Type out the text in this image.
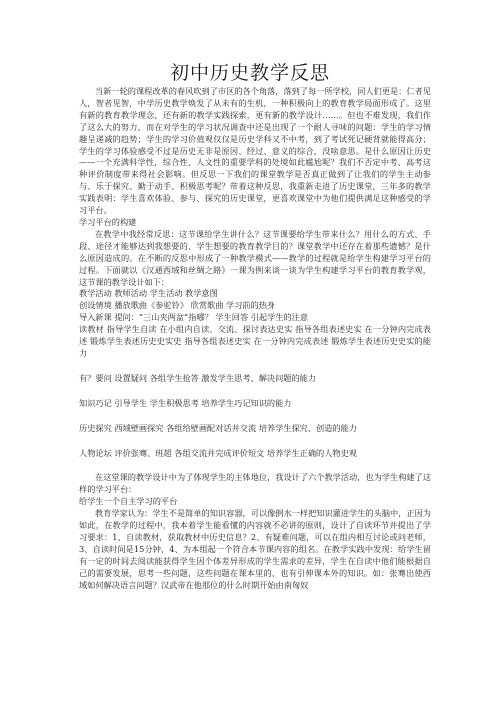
初中历史教学反思

当新一轮的课程改革的春风吹到了市区的各个角落，落到了每一所学校，同人们更是：仁者见人，智者见智，中学历史教学焕发了从未有的生机，一种积极向上的教育教学局面形成了。这里有新的教育教学理念，还有新的教学实践探索，更有新的教学设计……。但也不难发现，我们作了这么大的努力，而在对学生的学习状况调查中还是出现了一个耐人寻味的问题：学生的学习情趣呈递减的趋势；学生的学习价值观仅仅是历史学科又不中考，到了考试死记硬背就能得高分；学生的学习体验感受不过是历史无非是原因、经过、意义的综合，没啥意思。是什么原因让历史——一个充满科学性，综合性、人文性的重要学科的处境如此尴尬呢？我们不否定中考、高考这种评价制度带来得社会影响。但反思一下我们的课堂教学是否真正做到了让我们的学生主动参与、乐于探究、勤于动手、积极思考呢？带着这种反思，我重新走进了历史课堂，三年多的教学实践表明：学生喜欢体验、参与、探究的历史课堂，更喜欢课堂中为他们提供满足这种感受的学习平台。

学习平台的构建

在教学中我经常反思：这节课给学生讲什么？这节课要给学生带来什么？用什么的方式、手段、途径才能够达到我想要的、学生想要的教育教学目的？课堂教学中还存在着那些遗憾？是什么原因造成的。在不断的反思中形成了一种教学模式——教学的过程就是给学生构建学习平台的过程。下面就以《汉通西域和丝绸之路》一课为例来谈一谈为学生构建学习平台的教育教学观，这节课的教学设计如下：

教学活动 教师活动 学生活动 教学意图

创设情境 播放歌曲《参驼铃》 欣赏歌曲 学习前的热身

导入新课 提问：“三山夹两盆”指哪？ 学生回答 引起学生的注意

读教材 指导学生自读 在小组内自读、交流、探讨表达史实 指导各组表述史实 在一分钟内完成表述 锻炼学生表述历史史实史 指导各组表述史实 在一分钟内完成表述 锻炼学生表述历史史实的能力

有？要问 设置疑问 各组学生抢答 激发学生思考、解决问题的能力

知识巧记 引导学生 学生积极思考 培养学生巧记知识的能力

历史探究 西域壁画探究 各组给壁画配对话并交流 培养学生探究、创造的能力

人物论坛 评价张骞、班超 各组交流并完成评价短文 培养学生正确的人物史观

在这堂课的教学设计中为了体现学生的主体地位，我设计了六个教学活动，也为学生构建了这样的学习平台：

给学生一个自主学习的平台

教育学家认为：学生不是简单的知识容器，可以像倒水一样把知识灌进学生的头脑中，正因为如此，在教学的过程中，我本着学生能看懂的内容就不必讲的原则，设计了自读环节并提出了学习要求：1、自读教材，获取教材中历史信息？2、有疑难问题，可以在组内相互讨论或问老师，3、自读时间是15分钟，4、为本组起一个符合本节课内容的组名。在教学实践中发现：给学生留有一定的时间去阅读能获得学生因个体差异形成的学生需求的差异，学生在自读中他们能根据自己的需要发展，思考一些问题，这些问题在课本里的，也有引伸课本外的知识。如：张骞出使西域如何解决语言问题？汉武帝在他那位的什么时期开始由南匈奴
